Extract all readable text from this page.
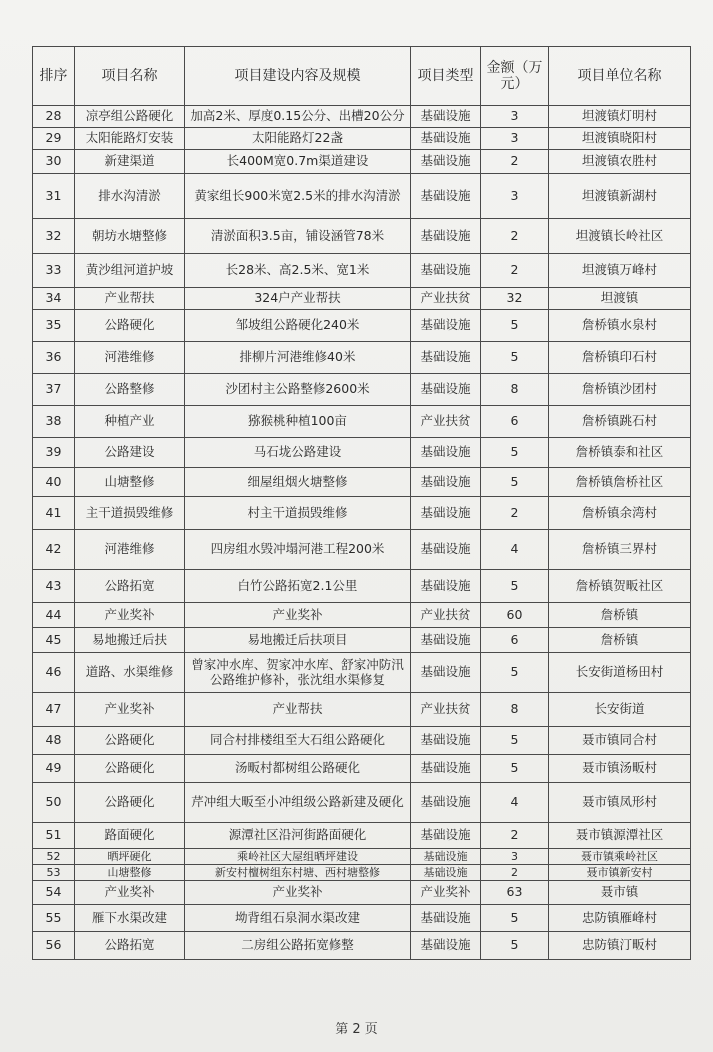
排序	项目名称	项目建设内容及规模	项目类型	金额（万元）	项目单位名称
28	凉亭组公路硬化	加高2米、厚度0.15公分、出槽20公分	基础设施	3	坦渡镇灯明村
29	太阳能路灯安装	太阳能路灯22盏	基础设施	3	坦渡镇晓阳村
30	新建渠道	长400M宽0.7m渠道建设	基础设施	2	坦渡镇农胜村
31	排水沟清淤	黄家组长900米宽2.5米的排水沟清淤	基础设施	3	坦渡镇新湖村
32	朝坊水塘整修	清淤面积3.5亩，铺设涵管78米	基础设施	2	坦渡镇长岭社区
33	黄沙组河道护坡	长28米、高2.5米、宽1米	基础设施	2	坦渡镇万峰村
34	产业帮扶	324户产业帮扶	产业扶贫	32	坦渡镇
35	公路硬化	邹坡组公路硬化240米	基础设施	5	詹桥镇水泉村
36	河港维修	排柳片河港维修40米	基础设施	5	詹桥镇印石村
37	公路整修	沙团村主公路整修2600米	基础设施	8	詹桥镇沙团村
38	种植产业	猕猴桃种植100亩	产业扶贫	6	詹桥镇跳石村
39	公路建设	马石垅公路建设	基础设施	5	詹桥镇泰和社区
40	山塘整修	细屋组烟火塘整修	基础设施	5	詹桥镇詹桥社区
41	主干道损毁维修	村主干道损毁维修	基础设施	2	詹桥镇余湾村
42	河港维修	四房组水毁冲塌河港工程200米	基础设施	4	詹桥镇三界村
43	公路拓宽	白竹公路拓宽2.1公里	基础设施	5	詹桥镇贺畈社区
44	产业奖补	产业奖补	产业扶贫	60	詹桥镇
45	易地搬迁后扶	易地搬迁后扶项目	基础设施	6	詹桥镇
46	道路、水渠维修	曾家冲水库、贺家冲水库、舒家冲防汛公路维护修补，张沈组水渠修复	基础设施	5	长安街道杨田村
47	产业奖补	产业帮扶	产业扶贫	8	长安街道
48	公路硬化	同合村排楼组至大石组公路硬化	基础设施	5	聂市镇同合村
49	公路硬化	汤畈村都树组公路硬化	基础设施	5	聂市镇汤畈村
50	公路硬化	芹冲组大畈至小冲组级公路新建及硬化	基础设施	4	聂市镇凤形村
51	路面硬化	源潭社区沿河街路面硬化	基础设施	2	聂市镇源潭社区
52	晒坪硬化	乘岭社区大屋组晒坪建设	基础设施	3	聂市镇乘岭社区
53	山塘整修	新安村檀树组东村塘、西村塘整修	基础设施	2	聂市镇新安村
54	产业奖补	产业奖补	产业奖补	63	聂市镇
55	雁下水渠改建	坳背组石泉洞水渠改建	基础设施	5	忠防镇雁峰村
56	公路拓宽	二房组公路拓宽修整	基础设施	5	忠防镇汀畈村
第 2 页
